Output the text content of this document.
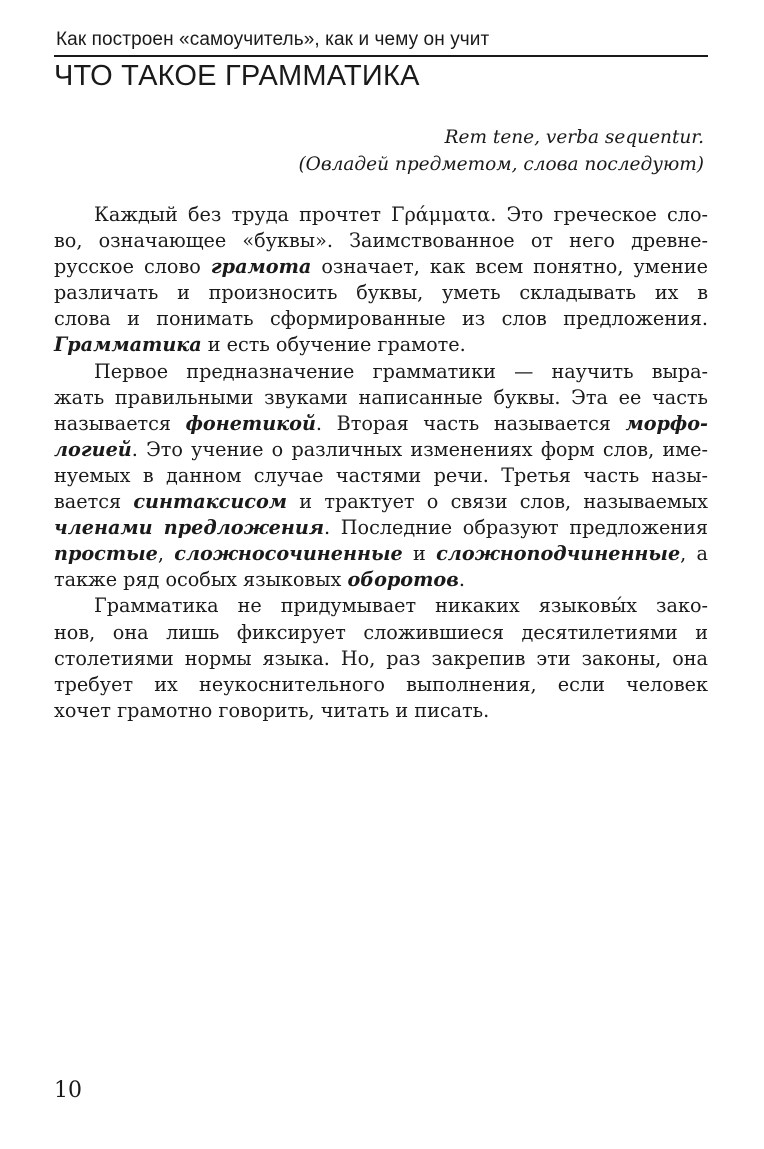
Как построен «самоучитель», как и чему он учит
ЧТО ТАКОЕ ГРАММАТИКА
Rem tene, verba sequentur.
(Овладей предметом, слова последуют)

Каждый без труда прочтет Γράμματα. Это греческое сло-
во, означающее «буквы». Заимствованное от него древне-
русское слово грамота означает, как всем понятно, умение
различать и произносить буквы, уметь складывать их в
слова и понимать сформированные из слов предложения.
Грамматика и есть обучение грамоте.

Первое предназначение грамматики — научить выра-
жать правильными звуками написанные буквы. Эта ее часть
называется фонетикой. Вторая часть называется морфо-
логией. Это учение о различных изменениях форм слов, име-
нуемых в данном случае частями речи. Третья часть назы-
вается синтаксисом и трактует о связи слов, называемых
членами предложения. Последние образуют предложения
простые, сложносочиненные и сложноподчиненные, а
также ряд особых языковых оборотов.

Грамматика не придумывает никаких языковы́х зако-
нов, она лишь фиксирует сложившиеся десятилетиями и
столетиями нормы языка. Но, раз закрепив эти законы, она
требует их неукоснительного выполнения, если человек
хочет грамотно говорить, читать и писать.

10
